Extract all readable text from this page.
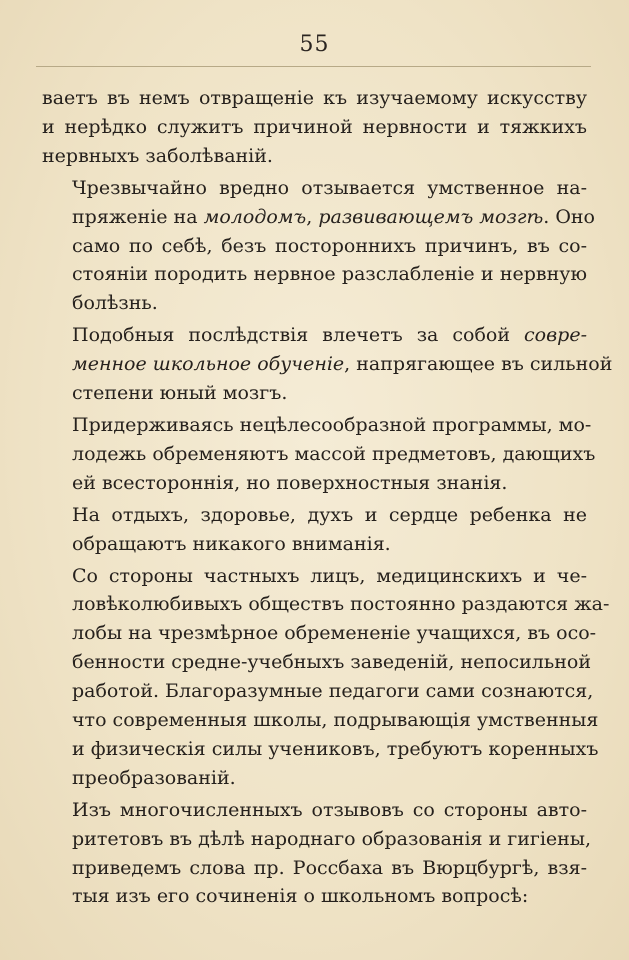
55

ваетъ въ немъ отвращеніе къ изучаемому искусству
и нерѣдко служитъ причиной нервности и тяжкихъ
нервныхъ заболѣваній.

Чрезвычайно вредно отзывается умственное на-
пряженіе на молодомъ, развивающемъ мозгѣ. Оно
само по себѣ, безъ постороннихъ причинъ, въ со-
стояніи породить нервное разслабленіе и нервную
болѣзнь.

Подобныя послѣдствія влечетъ за собой совре-
менное школьное обученіе, напрягающее въ сильной
степени юный мозгъ.

Придерживаясь нецѣлесообразной программы, мо-
лодежь обременяютъ массой предметовъ, дающихъ
ей всестороннія, но поверхностныя знанія.

На отдыхъ, здоровье, духъ и сердце ребенка не
обращаютъ никакого вниманія.

Со стороны частныхъ лицъ, медицинскихъ и че-
ловѣколюбивыхъ обществъ постоянно раздаются жа-
лобы на чрезмѣрное обремененіе учащихся, въ осо-
бенности средне-учебныхъ заведеній, непосильной
работой. Благоразумные педагоги сами сознаются,
что современныя школы, подрывающія умственныя
и физическія силы учениковъ, требуютъ коренныхъ
преобразованій.

Изъ многочисленныхъ отзывовъ со стороны авто-
ритетовъ въ дѣлѣ народнаго образованія и гигіены,
приведемъ слова пр. Россбаха въ Вюрцбургѣ, взя-
тыя изъ его сочиненія о школьномъ вопросѣ:
